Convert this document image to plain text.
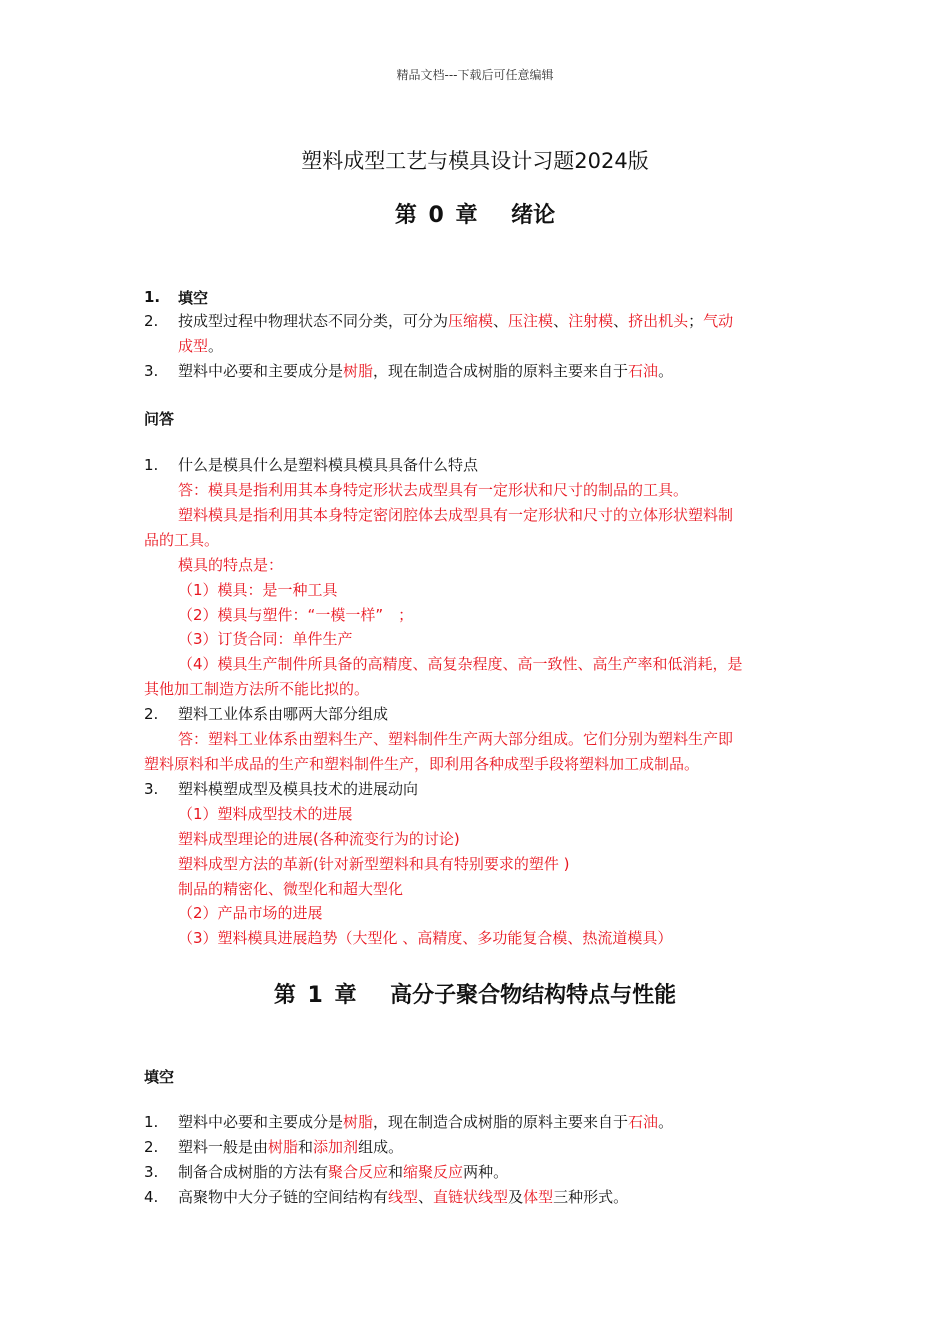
精品文档---下载后可任意编辑
塑料成型工艺与模具设计习题2024版
第 0 章　 绪论
1. 填空
2. 按成型过程中物理状态不同分类，可分为压缩模、压注模、注射模、挤出机头；气动
成型。
3. 塑料中必要和主要成分是树脂，现在制造合成树脂的原料主要来自于石油。
问答
1. 什么是模具什么是塑料模具模具具备什么特点
答：模具是指利用其本身特定形状去成型具有一定形状和尺寸的制品的工具。
塑料模具是指利用其本身特定密闭腔体去成型具有一定形状和尺寸的立体形状塑料制
品的工具。
模具的特点是：
（1）模具：是一种工具
（2）模具与塑件：“一模一样”　；
（3）订货合同：单件生产
（4）模具生产制件所具备的高精度、高复杂程度、高一致性、高生产率和低消耗，是
其他加工制造方法所不能比拟的。
2. 塑料工业体系由哪两大部分组成
答：塑料工业体系由塑料生产、塑料制件生产两大部分组成。它们分别为塑料生产即
塑料原料和半成品的生产和塑料制件生产，即利用各种成型手段将塑料加工成制品。
3. 塑料模塑成型及模具技术的进展动向
（1）塑料成型技术的进展
塑料成型理论的进展(各种流变行为的讨论)
塑料成型方法的革新(针对新型塑料和具有特别要求的塑件 )
制品的精密化、微型化和超大型化
（2）产品市场的进展
（3）塑料模具进展趋势（大型化 、高精度、多功能复合模、热流道模具）
第 1 章　 高分子聚合物结构特点与性能
填空
1. 塑料中必要和主要成分是树脂，现在制造合成树脂的原料主要来自于石油。
2. 塑料一般是由树脂和添加剂组成。
3. 制备合成树脂的方法有聚合反应和缩聚反应两种。
4. 高聚物中大分子链的空间结构有线型、直链状线型及体型三种形式。
